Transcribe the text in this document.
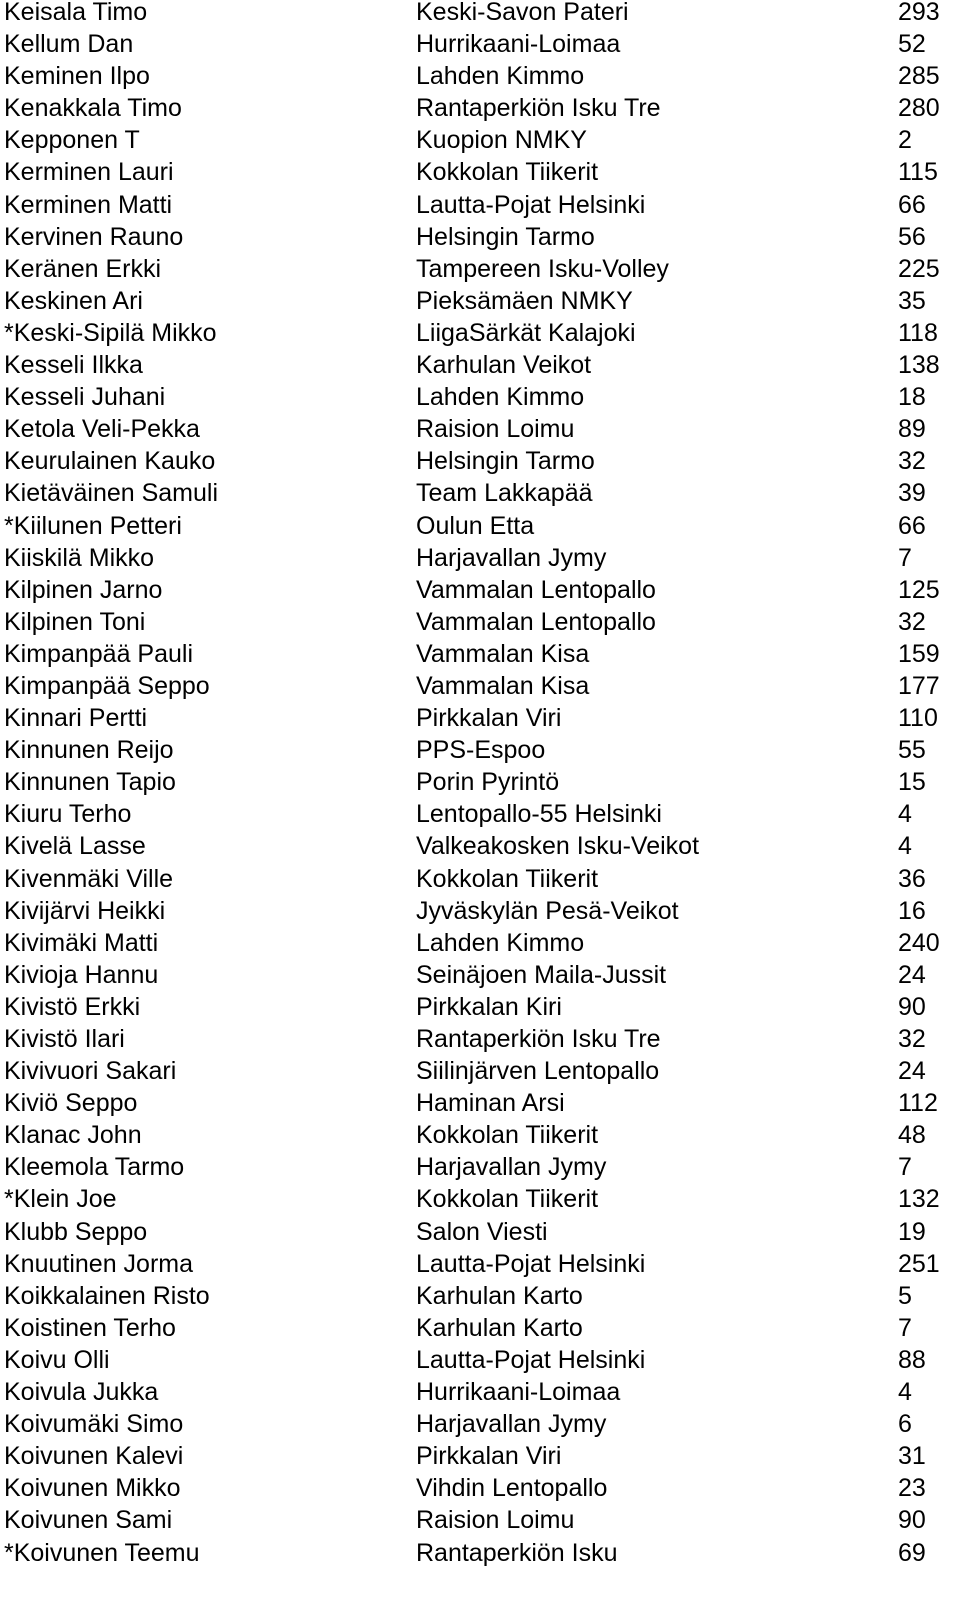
Keisala Timo	Keski-Savon Pateri	293
Kellum Dan	Hurrikaani-Loimaa	52
Keminen Ilpo	Lahden Kimmo	285
Kenakkala Timo	Rantaperkiön Isku Tre	280
Kepponen T	Kuopion NMKY	2
Kerminen Lauri	Kokkolan Tiikerit	115
Kerminen Matti	Lautta-Pojat Helsinki	66
Kervinen Rauno	Helsingin Tarmo	56
Keränen Erkki	Tampereen Isku-Volley	225
Keskinen Ari	Pieksämäen NMKY	35
*Keski-Sipilä Mikko	LiigaSärkät Kalajoki	118
Kesseli Ilkka	Karhulan Veikot	138
Kesseli Juhani	Lahden Kimmo	18
Ketola Veli-Pekka	Raision Loimu	89
Keurulainen Kauko	Helsingin Tarmo	32
Kietäväinen Samuli	Team Lakkapää	39
*Kiilunen Petteri	Oulun Etta	66
Kiiskilä Mikko	Harjavallan Jymy	7
Kilpinen Jarno	Vammalan Lentopallo	125
Kilpinen Toni	Vammalan Lentopallo	32
Kimpanpää Pauli	Vammalan Kisa	159
Kimpanpää Seppo	Vammalan Kisa	177
Kinnari Pertti	Pirkkalan Viri	110
Kinnunen Reijo	PPS-Espoo	55
Kinnunen Tapio	Porin Pyrintö	15
Kiuru Terho	Lentopallo-55 Helsinki	4
Kivelä Lasse	Valkeakosken Isku-Veikot	4
Kivenmäki Ville	Kokkolan Tiikerit	36
Kivijärvi Heikki	Jyväskylän Pesä-Veikot	16
Kivimäki Matti	Lahden Kimmo	240
Kivioja Hannu	Seinäjoen Maila-Jussit	24
Kivistö Erkki	Pirkkalan Kiri	90
Kivistö Ilari	Rantaperkiön Isku Tre	32
Kivivuori Sakari	Siilinjärven Lentopallo	24
Kiviö Seppo	Haminan Arsi	112
Klanac John	Kokkolan Tiikerit	48
Kleemola Tarmo	Harjavallan Jymy	7
*Klein Joe	Kokkolan Tiikerit	132
Klubb Seppo	Salon Viesti	19
Knuutinen Jorma	Lautta-Pojat Helsinki	251
Koikkalainen Risto	Karhulan Karto	5
Koistinen Terho	Karhulan Karto	7
Koivu Olli	Lautta-Pojat Helsinki	88
Koivula Jukka	Hurrikaani-Loimaa	4
Koivumäki Simo	Harjavallan Jymy	6
Koivunen Kalevi	Pirkkalan Viri	31
Koivunen Mikko	Vihdin Lentopallo	23
Koivunen Sami	Raision Loimu	90
*Koivunen Teemu	Rantaperkiön Isku	69
